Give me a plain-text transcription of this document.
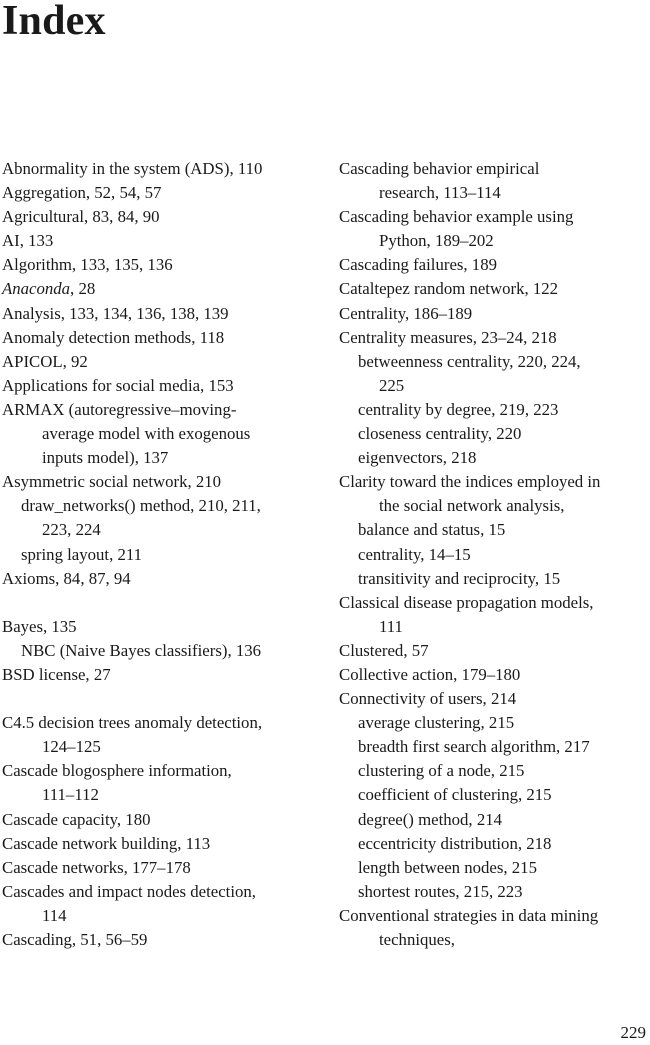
Index
Abnormality in the system (ADS), 110
Aggregation, 52, 54, 57
Agricultural, 83, 84, 90
AI, 133
Algorithm, 133, 135, 136
Anaconda, 28
Analysis, 133, 134, 136, 138, 139
Anomaly detection methods, 118
APICOL, 92
Applications for social media, 153
ARMAX (autoregressive–moving-
average model with exogenous
inputs model), 137
Asymmetric social network, 210
draw_networks() method, 210, 211,
223, 224
spring layout, 211
Axioms, 84, 87, 94
Bayes, 135
NBC (Naive Bayes classifiers), 136
BSD license, 27
C4.5 decision trees anomaly detection,
124–125
Cascade blogosphere information,
111–112
Cascade capacity, 180
Cascade network building, 113
Cascade networks, 177–178
Cascades and impact nodes detection,
114
Cascading, 51, 56–59
Cascading behavior empirical
research, 113–114
Cascading behavior example using
Python, 189–202
Cascading failures, 189
Cataltepez random network, 122
Centrality, 186–189
Centrality measures, 23–24, 218
betweenness centrality, 220, 224,
225
centrality by degree, 219, 223
closeness centrality, 220
eigenvectors, 218
Clarity toward the indices employed in
the social network analysis,
balance and status, 15
centrality, 14–15
transitivity and reciprocity, 15
Classical disease propagation models,
111
Clustered, 57
Collective action, 179–180
Connectivity of users, 214
average clustering, 215
breadth first search algorithm, 217
clustering of a node, 215
coefficient of clustering, 215
degree() method, 214
eccentricity distribution, 218
length between nodes, 215
shortest routes, 215, 223
Conventional strategies in data mining
techniques,
229
